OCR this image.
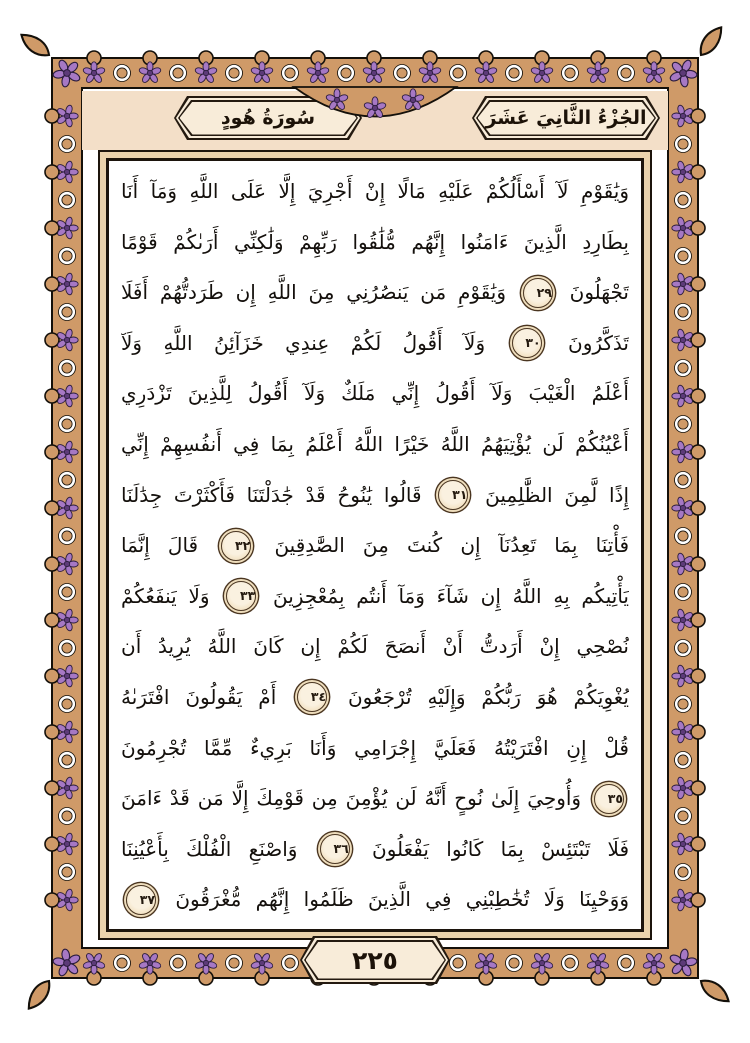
الجُزْءُ الثَّانِيَ عَشَرَ
سُورَةُ هُودٍ
وَيَٰقَوْمِ لَآ أَسْأَلُكُمْ عَلَيْهِ مَالًا إِنْ أَجْرِيَ إِلَّا عَلَى اللَّهِ وَمَآ أَنَا
بِطَارِدِ الَّذِينَ ءَامَنُوا إِنَّهُم مُّلَٰقُوا رَبِّهِمْ وَلَٰكِنِّي أَرَىٰكُمْ قَوْمًا
تَجْهَلُونَ ٢٩ وَيَٰقَوْمِ مَن يَنصُرُنِي مِنَ اللَّهِ إِن طَرَدتُّهُمْ أَفَلَا
تَذَكَّرُونَ ٣٠ وَلَآ أَقُولُ لَكُمْ عِندِي خَزَآئِنُ اللَّهِ وَلَآ
أَعْلَمُ الْغَيْبَ وَلَآ أَقُولُ إِنِّي مَلَكٌ وَلَآ أَقُولُ لِلَّذِينَ تَزْدَرِي
أَعْيُنُكُمْ لَن يُؤْتِيَهُمُ اللَّهُ خَيْرًا اللَّهُ أَعْلَمُ بِمَا فِي أَنفُسِهِمْ إِنِّي
إِذًا لَّمِنَ الظَّٰلِمِينَ ٣١ قَالُوا يَٰنُوحُ قَدْ جَٰدَلْتَنَا فَأَكْثَرْتَ جِدَٰلَنَا
فَأْتِنَا بِمَا تَعِدُنَآ إِن كُنتَ مِنَ الصَّٰدِقِينَ ٣٢ قَالَ إِنَّمَا
يَأْتِيكُم بِهِ اللَّهُ إِن شَآءَ وَمَآ أَنتُم بِمُعْجِزِينَ ٣٣ وَلَا يَنفَعُكُمْ
نُصْحِي إِنْ أَرَدتُّ أَنْ أَنصَحَ لَكُمْ إِن كَانَ اللَّهُ يُرِيدُ أَن
يُغْوِيَكُمْ هُوَ رَبُّكُمْ وَإِلَيْهِ تُرْجَعُونَ ٣٤ أَمْ يَقُولُونَ افْتَرَىٰهُ
قُلْ إِنِ افْتَرَيْتُهُ فَعَلَيَّ إِجْرَامِي وَأَنَا بَرِيءٌ مِّمَّا تُجْرِمُونَ
٣٥ وَأُوحِيَ إِلَىٰ نُوحٍ أَنَّهُ لَن يُؤْمِنَ مِن قَوْمِكَ إِلَّا مَن قَدْ ءَامَنَ
فَلَا تَبْتَئِسْ بِمَا كَانُوا يَفْعَلُونَ ٣٦ وَاصْنَعِ الْفُلْكَ بِأَعْيُنِنَا
وَوَحْيِنَا وَلَا تُخَٰطِبْنِي فِي الَّذِينَ ظَلَمُوا إِنَّهُم مُّغْرَقُونَ ٣٧
٢٢٥
